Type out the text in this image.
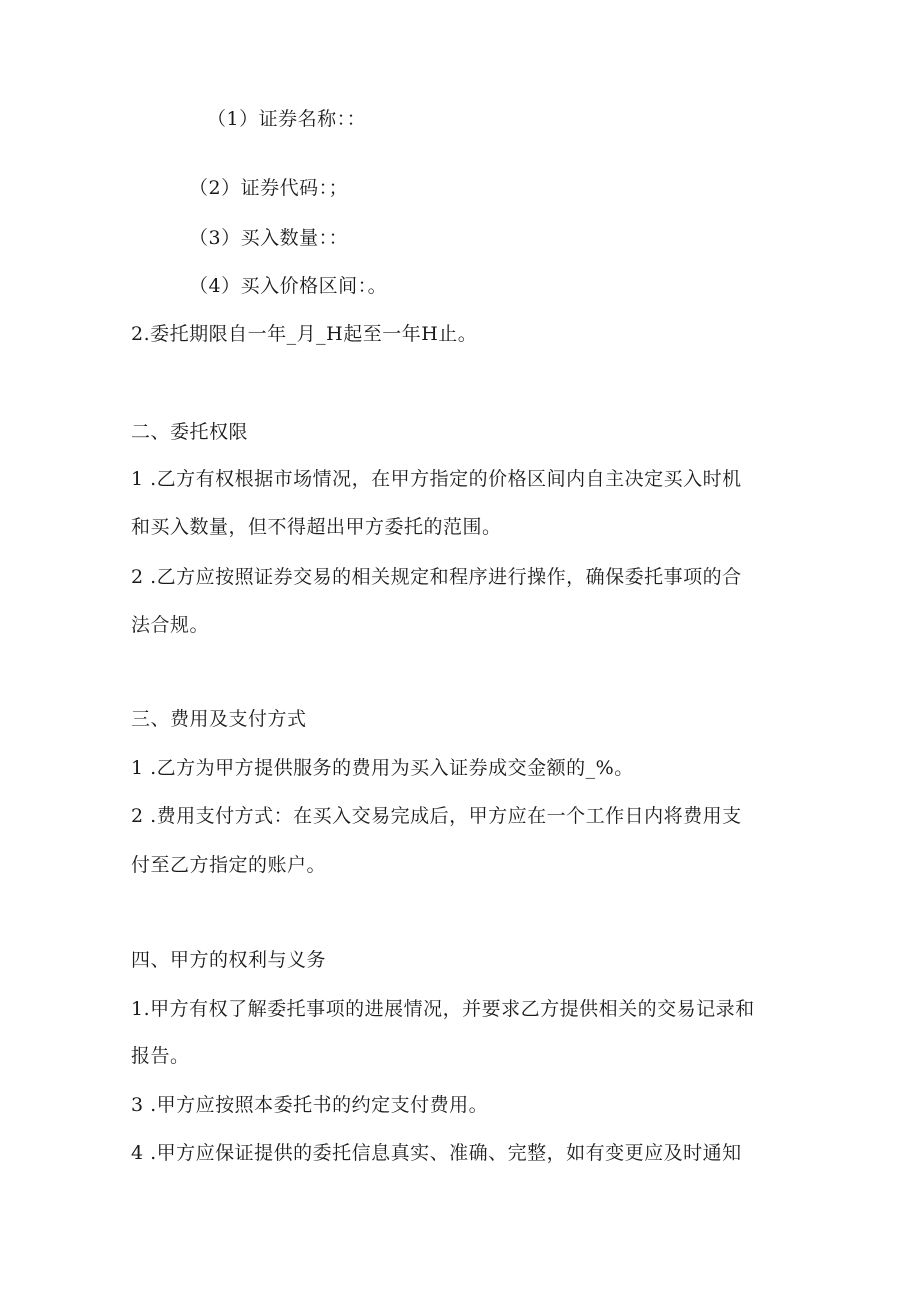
（1）证券名称：：
（2）证券代码：；
（3）买入数量：：
（4）买入价格区间：。
2.委托期限自一年_月_H起至一年H止。
二、委托权限
1 .乙方有权根据市场情况，在甲方指定的价格区间内自主决定买入时机
和买入数量，但不得超出甲方委托的范围。
2 .乙方应按照证券交易的相关规定和程序进行操作，确保委托事项的合
法合规。
三、费用及支付方式
1 .乙方为甲方提供服务的费用为买入证券成交金额的_%。
2 .费用支付方式：在买入交易完成后，甲方应在一个工作日内将费用支
付至乙方指定的账户。
四、甲方的权利与义务
1.甲方有权了解委托事项的进展情况，并要求乙方提供相关的交易记录和
报告。
3 .甲方应按照本委托书的约定支付费用。
4 .甲方应保证提供的委托信息真实、准确、完整，如有变更应及时通知
